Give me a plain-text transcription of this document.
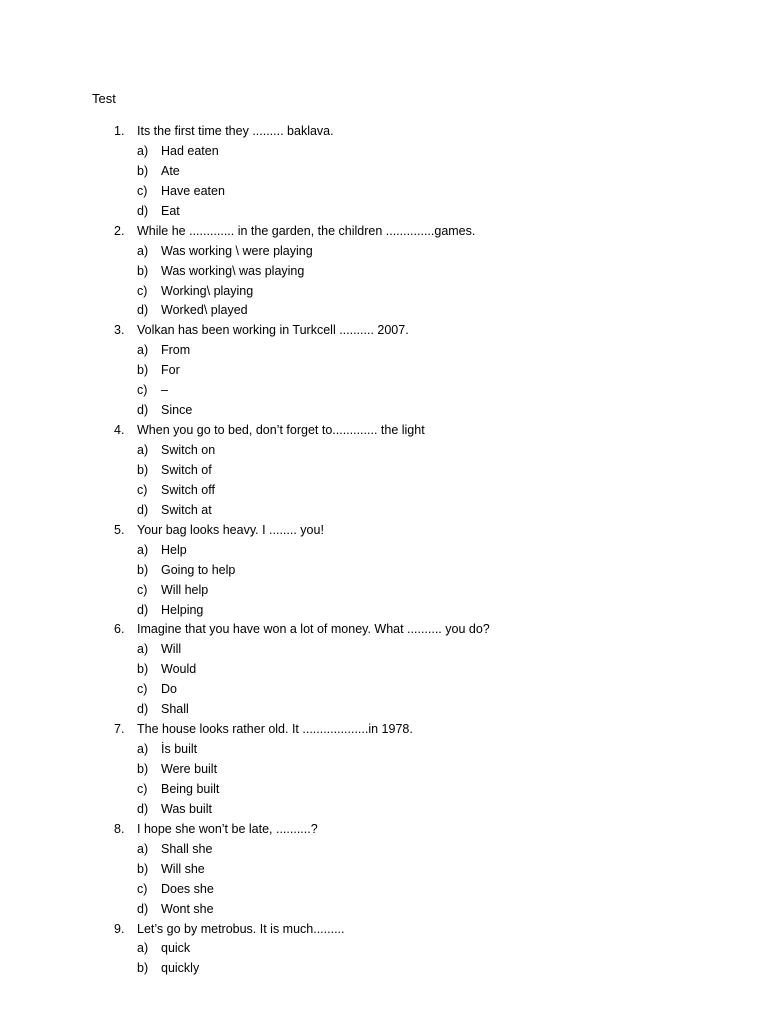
Test
1.	Its the first time they ......... baklava.
a)	Had eaten
b)	Ate
c)	Have eaten
d)	Eat
2.	While he ............. in the garden, the children ..............games.
a)	Was working \ were playing
b)	Was working\ was playing
c)	Working\ playing
d)	Worked\ played
3.	Volkan has been working in Turkcell .......... 2007.
a)	From
b)	For
c)	–
d)	Since
4.	When you go to bed, don’t forget to............. the light
a)	Switch on
b)	Switch of
c)	Switch off
d)	Switch at
5.	Your bag looks heavy. I ........ you!
a)	Help
b)	Going to help
c)	Will help
d)	Helping
6.	Imagine that you have won a lot of money. What .......... you do?
a)	Will
b)	Would
c)	Do
d)	Shall
7.	The house looks rather old. It ...................in 1978.
a)	İs built
b)	Were built
c)	Being built
d)	Was built
8.	I hope she won’t be late, ..........?
a)	Shall she
b)	Will she
c)	Does she
d)	Wont she
9.	Let’s go by metrobus. It is much.........
a)	quick
b)	quickly
